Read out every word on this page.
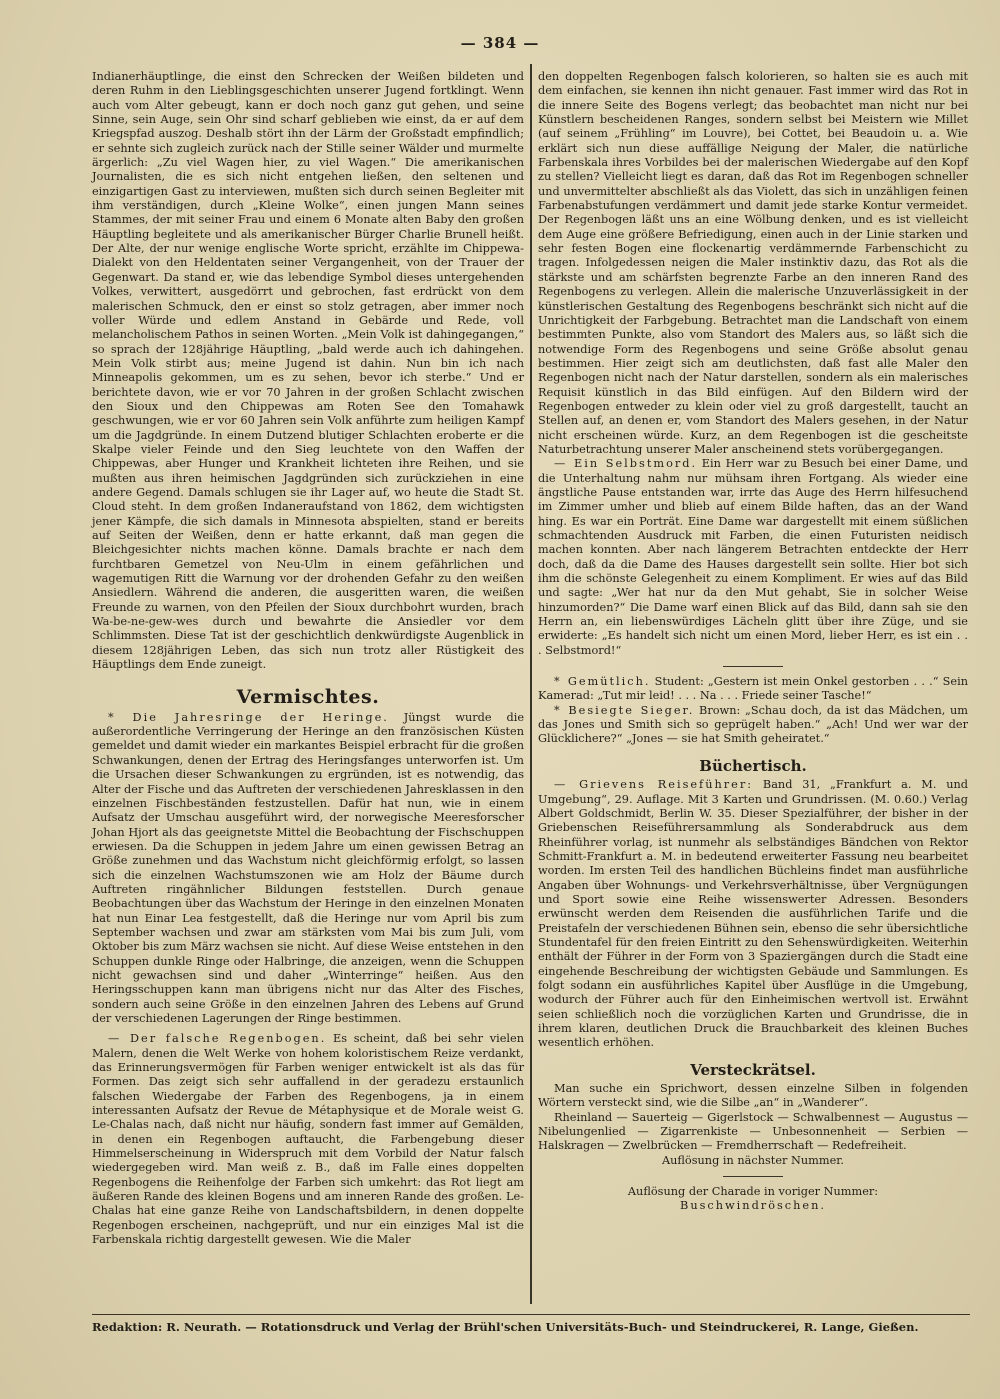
— 384 —

Indianerhäuptlinge, die einst den Schrecken der Weißen bildeten und deren Ruhm in den Lieblingsgeschichten unserer Jugend fortklingt. Wenn auch vom Alter gebeugt, kann er doch noch ganz gut gehen, und seine Sinne, sein Auge, sein Ohr sind scharf geblieben wie einst, da er auf dem Kriegspfad auszog. Deshalb stört ihn der Lärm der Großstadt empfindlich; er sehnte sich zugleich zurück nach der Stille seiner Wälder und murmelte ärgerlich: „Zu viel Wagen hier, zu viel Wagen.“ Die amerikanischen Journalisten, die es sich nicht entgehen ließen, den seltenen und einzigartigen Gast zu interviewen, mußten sich durch seinen Begleiter mit ihm verständigen, durch „Kleine Wolke“, einen jungen Mann seines Stammes, der mit seiner Frau und einem 6 Monate alten Baby den großen Häuptling begleitete und als amerikanischer Bürger Charlie Brunell heißt. Der Alte, der nur wenige englische Worte spricht, erzählte im Chippewa-Dialekt von den Heldentaten seiner Vergangenheit, von der Trauer der Gegenwart. Da stand er, wie das lebendige Symbol dieses untergehenden Volkes, verwittert, ausgedörrt und gebrochen, fast erdrückt von dem malerischen Schmuck, den er einst so stolz getragen, aber immer noch voller Würde und edlem Anstand in Gebärde und Rede, voll melancholischem Pathos in seinen Worten. „Mein Volk ist dahingegangen,“ so sprach der 128jährige Häuptling, „bald werde auch ich dahingehen. Mein Volk stirbt aus; meine Jugend ist dahin. Nun bin ich nach Minneapolis gekommen, um es zu sehen, bevor ich sterbe.“ Und er berichtete davon, wie er vor 70 Jahren in der großen Schlacht zwischen den Sioux und den Chippewas am Roten See den Tomahawk geschwungen, wie er vor 60 Jahren sein Volk anführte zum heiligen Kampf um die Jagdgründe. In einem Dutzend blutiger Schlachten eroberte er die Skalpe vieler Feinde und den Sieg leuchtete von den Waffen der Chippewas, aber Hunger und Krankheit lichteten ihre Reihen, und sie mußten aus ihren heimischen Jagdgründen sich zurückziehen in eine andere Gegend. Damals schlugen sie ihr Lager auf, wo heute die Stadt St. Cloud steht. In dem großen Indaneraufstand von 1862, dem wichtigsten jener Kämpfe, die sich damals in Minnesota abspielten, stand er bereits auf Seiten der Weißen, denn er hatte erkannt, daß man gegen die Bleichgesichter nichts machen könne. Damals brachte er nach dem furchtbaren Gemetzel von Neu-Ulm in einem gefährlichen und wagemutigen Ritt die Warnung vor der drohenden Gefahr zu den weißen Ansiedlern. Während die anderen, die ausgeritten waren, die weißen Freunde zu warnen, von den Pfeilen der Sioux durchbohrt wurden, brach Wa-be-ne-gew-wes durch und bewahrte die Ansiedler vor dem Schlimmsten. Diese Tat ist der geschichtlich denkwürdigste Augenblick in diesem 128jährigen Leben, das sich nun trotz aller Rüstigkeit des Häuptlings dem Ende zuneigt.

Vermischtes.

* Die Jahresringe der Heringe. Jüngst wurde die außerordentliche Verringerung der Heringe an den französischen Küsten gemeldet und damit wieder ein markantes Beispiel erbracht für die großen Schwankungen, denen der Ertrag des Heringsfanges unterworfen ist. Um die Ursachen dieser Schwankungen zu ergründen, ist es notwendig, das Alter der Fische und das Auftreten der verschiedenen Jahresklassen in den einzelnen Fischbeständen festzustellen. Dafür hat nun, wie in einem Aufsatz der Umschau ausgeführt wird, der norwegische Meeresforscher Johan Hjort als das geeignetste Mittel die Beobachtung der Fischschuppen erwiesen. Da die Schuppen in jedem Jahre um einen gewissen Betrag an Größe zunehmen und das Wachstum nicht gleichförmig erfolgt, so lassen sich die einzelnen Wachstumszonen wie am Holz der Bäume durch Auftreten ringähnlicher Bildungen feststellen. Durch genaue Beobachtungen über das Wachstum der Heringe in den einzelnen Monaten hat nun Einar Lea festgestellt, daß die Heringe nur vom April bis zum September wachsen und zwar am stärksten vom Mai bis zum Juli, vom Oktober bis zum März wachsen sie nicht. Auf diese Weise entstehen in den Schuppen dunkle Ringe oder Halbringe, die anzeigen, wenn die Schuppen nicht gewachsen sind und daher „Winterringe“ heißen. Aus den Heringsschuppen kann man übrigens nicht nur das Alter des Fisches, sondern auch seine Größe in den einzelnen Jahren des Lebens auf Grund der verschiedenen Lagerungen der Ringe bestimmen.

— Der falsche Regenbogen. Es scheint, daß bei sehr vielen Malern, denen die Welt Werke von hohem koloristischem Reize verdankt, das Erinnerungsvermögen für Farben weniger entwickelt ist als das für Formen. Das zeigt sich sehr auffallend in der geradezu erstaunlich falschen Wiedergabe der Farben des Regenbogens, ja in einem interessanten Aufsatz der Revue de Métaphysique et de Morale weist G. Le-Chalas nach, daß nicht nur häufig, sondern fast immer auf Gemälden, in denen ein Regenbogen auftaucht, die Farbengebung dieser Himmelserscheinung in Widerspruch mit dem Vorbild der Natur falsch wiedergegeben wird. Man weiß z. B., daß im Falle eines doppelten Regenbogens die Reihenfolge der Farben sich umkehrt: das Rot liegt am äußeren Rande des kleinen Bogens und am inneren Rande des großen. Le-Chalas hat eine ganze Reihe von Landschaftsbildern, in denen doppelte Regenbogen erscheinen, nachgeprüft, und nur ein einziges Mal ist die Farbenskala richtig dargestellt gewesen. Wie die Maler

den doppelten Regenbogen falsch kolorieren, so halten sie es auch mit dem einfachen, sie kennen ihn nicht genauer. Fast immer wird das Rot in die innere Seite des Bogens verlegt; das beobachtet man nicht nur bei Künstlern bescheidenen Ranges, sondern selbst bei Meistern wie Millet (auf seinem „Frühling“ im Louvre), bei Cottet, bei Beaudoin u. a. Wie erklärt sich nun diese auffällige Neigung der Maler, die natürliche Farbenskala ihres Vorbildes bei der malerischen Wiedergabe auf den Kopf zu stellen? Vielleicht liegt es daran, daß das Rot im Regenbogen schneller und unvermittelter abschließt als das Violett, das sich in unzähligen feinen Farbenabstufungen verdämmert und damit jede starke Kontur vermeidet. Der Regenbogen läßt uns an eine Wölbung denken, und es ist vielleicht dem Auge eine größere Befriedigung, einen auch in der Linie starken und sehr festen Bogen eine flockenartig verdämmernde Farbenschicht zu tragen. Infolgedessen neigen die Maler instinktiv dazu, das Rot als die stärkste und am schärfsten begrenzte Farbe an den inneren Rand des Regenbogens zu verlegen. Allein die malerische Unzuverlässigkeit in der künstlerischen Gestaltung des Regenbogens beschränkt sich nicht auf die Unrichtigkeit der Farbgebung. Betrachtet man die Landschaft von einem bestimmten Punkte, also vom Standort des Malers aus, so läßt sich die notwendige Form des Regenbogens und seine Größe absolut genau bestimmen. Hier zeigt sich am deutlichsten, daß fast alle Maler den Regenbogen nicht nach der Natur darstellen, sondern als ein malerisches Requisit künstlich in das Bild einfügen. Auf den Bildern wird der Regenbogen entweder zu klein oder viel zu groß dargestellt, taucht an Stellen auf, an denen er, vom Standort des Malers gesehen, in der Natur nicht erscheinen würde. Kurz, an dem Regenbogen ist die gescheitste Naturbetrachtung unserer Maler anscheinend stets vorübergegangen.

— Ein Selbstmord. Ein Herr war zu Besuch bei einer Dame, und die Unterhaltung nahm nur mühsam ihren Fortgang. Als wieder eine ängstliche Pause entstanden war, irrte das Auge des Herrn hilfesuchend im Zimmer umher und blieb auf einem Bilde haften, das an der Wand hing. Es war ein Porträt. Eine Dame war dargestellt mit einem süßlichen schmachtenden Ausdruck mit Farben, die einen Futuristen neidisch machen konnten. Aber nach längerem Betrachten entdeckte der Herr doch, daß da die Dame des Hauses dargestellt sein sollte. Hier bot sich ihm die schönste Gelegenheit zu einem Kompliment. Er wies auf das Bild und sagte: „Wer hat nur da den Mut gehabt, Sie in solcher Weise hinzumorden?“ Die Dame warf einen Blick auf das Bild, dann sah sie den Herrn an, ein liebenswürdiges Lächeln glitt über ihre Züge, und sie erwiderte: „Es handelt sich nicht um einen Mord, lieber Herr, es ist ein . . . Selbstmord!“

* Gemütlich. Student: „Gestern ist mein Onkel gestorben . . .“ Sein Kamerad: „Tut mir leid! . . . Na . . . Friede seiner Tasche!“

* Besiegte Sieger. Brown: „Schau doch, da ist das Mädchen, um das Jones und Smith sich so geprügelt haben.“ „Ach! Und wer war der Glücklichere?“ „Jones — sie hat Smith geheiratet.“

Büchertisch.

— Grievens Reiseführer: Band 31, „Frankfurt a. M. und Umgebung“, 29. Auflage. Mit 3 Karten und Grundrissen. (M. 0.60.) Verlag Albert Goldschmidt, Berlin W. 35. Dieser Spezialführer, der bisher in der Griebenschen Reiseführersammlung als Sonderabdruck aus dem Rheinführer vorlag, ist nunmehr als selbständiges Bändchen von Rektor Schmitt-Frankfurt a. M. in bedeutend erweiterter Fassung neu bearbeitet worden. Im ersten Teil des handlichen Büchleins findet man ausführliche Angaben über Wohnungs- und Verkehrsverhältnisse, über Vergnügungen und Sport sowie eine Reihe wissenswerter Adressen. Besonders erwünscht werden dem Reisenden die ausführlichen Tarife und die Preistafeln der verschiedenen Bühnen sein, ebenso die sehr übersichtliche Stundentafel für den freien Eintritt zu den Sehenswürdigkeiten. Weiterhin enthält der Führer in der Form von 3 Spaziergängen durch die Stadt eine eingehende Beschreibung der wichtigsten Gebäude und Sammlungen. Es folgt sodann ein ausführliches Kapitel über Ausflüge in die Umgebung, wodurch der Führer auch für den Einheimischen wertvoll ist. Erwähnt seien schließlich noch die vorzüglichen Karten und Grundrisse, die in ihrem klaren, deutlichen Druck die Brauchbarkeit des kleinen Buches wesentlich erhöhen.

Versteckrätsel.

Man suche ein Sprichwort, dessen einzelne Silben in folgenden Wörtern versteckt sind, wie die Silbe „an“ in „Wanderer“.

Rheinland — Sauerteig — Gigerlstock — Schwalbennest — Augustus — Nibelungenlied — Zigarrenkiste — Unbesonnenheit — Serbien — Halskragen — Zwelbrücken — Fremdherrschaft — Redefreiheit.

Auflösung in nächster Nummer.

Auflösung der Charade in voriger Nummer:

Buschwindröschen.

Redaktion: R. Neurath. — Rotationsdruck und Verlag der Brühl'schen Universitäts-Buch- und Steindruckerei, R. Lange, Gießen.
